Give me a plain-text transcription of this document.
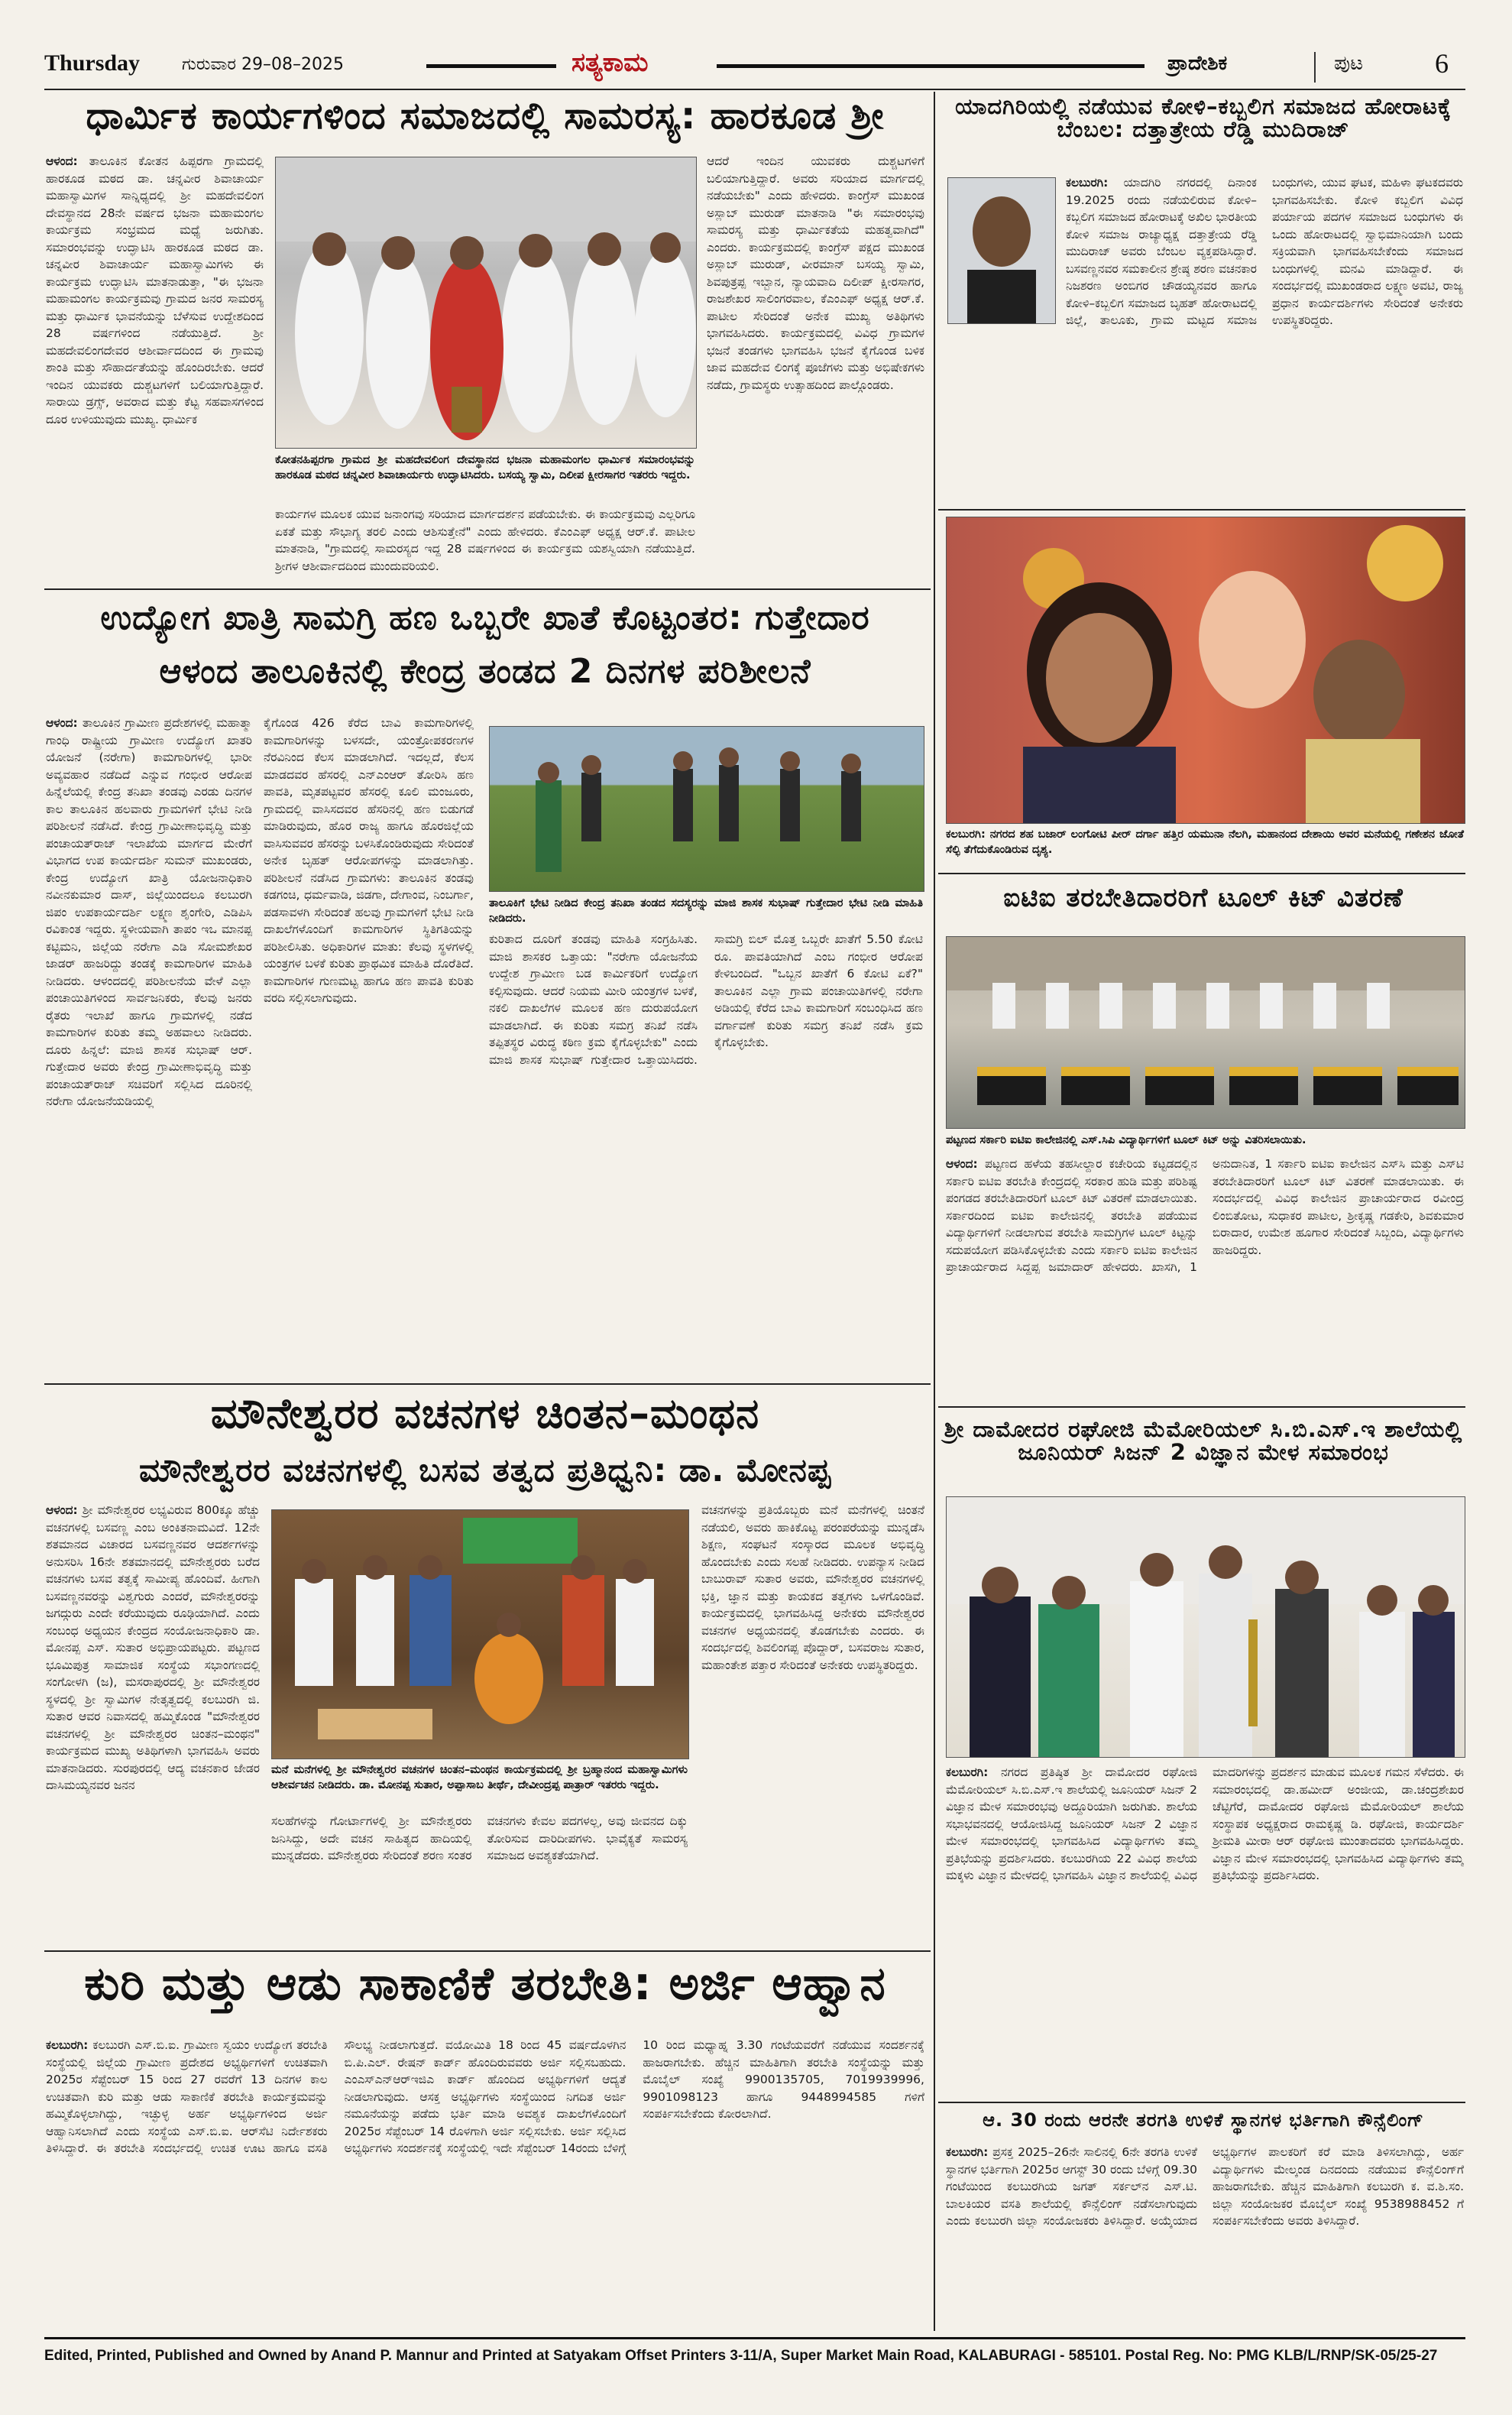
Thursday ಗುರುವಾರ 29–08–2025	ಸತ್ಯಕಾಮ	ಪ್ರಾದೇಶಿಕ	ಪುಟ	6
ಧಾರ್ಮಿಕ ಕಾರ್ಯಗಳಿಂದ ಸಮಾಜದಲ್ಲಿ ಸಾಮರಸ್ಯ: ಹಾರಕೂಡ ಶ್ರೀ
ಆಳಂದ: ತಾಲೂಕಿನ ಕೋತನ ಹಿಪ್ಪರಗಾ ಗ್ರಾಮದಲ್ಲಿ ಹಾರಕೂಡ ಮಠದ ಡಾ. ಚನ್ನವೀರ ಶಿವಾಚಾರ್ಯ ಮಹಾಸ್ವಾಮಿಗಳ ಸಾನ್ನಿಧ್ಯದಲ್ಲಿ ಶ್ರೀ ಮಹದೇವಲಿಂಗ ದೇವಸ್ಥಾನದ 28ನೇ ವರ್ಷದ ಭಜನಾ ಮಹಾಮಂಗಲ ಕಾರ್ಯಕ್ರಮ ಸಂಭ್ರಮದ ಮಧ್ಯೆ ಜರುಗಿತು. ಸಮಾರಂಭವನ್ನು ಉದ್ಘಾಟಿಸಿ ಹಾರಕೂಡ ಮಠದ ಡಾ. ಚನ್ನವೀರ ಶಿವಾಚಾರ್ಯ ಮಹಾಸ್ವಾಮಿಗಳು ಈ ಕಾರ್ಯಕ್ರಮ ಉದ್ಘಾಟಿಸಿ ಮಾತನಾಡುತ್ತಾ, "ಈ ಭಜನಾ ಮಹಾಮಂಗಲ ಕಾರ್ಯಕ್ರಮವು ಗ್ರಾಮದ ಜನರ ಸಾಮರಸ್ಯ ಮತ್ತು ಧಾರ್ಮಿಕ ಭಾವನೆಯನ್ನು ಬೆಳೆಸುವ ಉದ್ದೇಶದಿಂದ 28 ವರ್ಷಗಳಿಂದ ನಡೆಯುತ್ತಿದೆ. ಶ್ರೀ ಮಹದೇವಲಿಂಗದೇವರ ಆಶೀರ್ವಾದದಿಂದ ಈ ಗ್ರಾಮವು ಶಾಂತಿ ಮತ್ತು ಸೌಹಾರ್ದತೆಯನ್ನು ಹೊಂದಿರಬೇಕು. ಆದರೆ ಇಂದಿನ ಯುವಕರು ದುಶ್ಚಟಗಳಿಗೆ ಬಲಿಯಾಗುತ್ತಿದ್ದಾರೆ. ಸಾರಾಯಿ ಡ್ರಗ್ಸ್, ಅವರಾದ ಮತ್ತು ಕೆಟ್ಟ ಸಹವಾಸಗಳಿಂದ ದೂರ ಉಳಿಯುವುದು ಮುಖ್ಯ. ಧಾರ್ಮಿಕ
ಕೋತನಹಿಪ್ಪರಗಾ ಗ್ರಾಮದ ಶ್ರೀ ಮಹದೇವಲಿಂಗ ದೇವಸ್ಥಾನದ ಭಜನಾ ಮಹಾಮಂಗಲ ಧಾರ್ಮಿಕ ಸಮಾರಂಭವನ್ನು ಹಾರಕೂಡ ಮಠದ ಚನ್ನವೀರ ಶಿವಾಚಾರ್ಯರು ಉದ್ಘಾಟಿಸಿದರು. ಬಸಯ್ಯ ಸ್ವಾಮಿ, ದಿಲೀಪ ಕ್ಷೀರಸಾಗರ ಇತರರು ಇದ್ದರು.
ಆದರೆ ಇಂದಿನ ಯುವಕರು ದುಶ್ಚಟಗಳಿಗೆ ಬಲಿಯಾಗುತ್ತಿದ್ದಾರೆ. ಅವರು ಸರಿಯಾದ ಮಾರ್ಗದಲ್ಲಿ ನಡೆಯಬೇಕು" ಎಂದು ಹೇಳಿದರು. ಕಾಂಗ್ರೆಸ್ ಮುಖಂಡ ಅಸ್ಲಾಬ್ ಮುರುಡ್ ಮಾತನಾಡಿ "ಈ ಸಮಾರಂಭವು ಸಾಮರಸ್ಯ ಮತ್ತು ಧಾರ್ಮಿಕತೆಯ ಮಹತ್ವವಾಗಿದೆ" ಎಂದರು. ಕಾರ್ಯಕ್ರಮದಲ್ಲಿ ಕಾಂಗ್ರೆಸ್ ಪಕ್ಷದ ಮುಖಂಡ ಅಸ್ಲಾಬ್ ಮುರುಡ್, ವೀರಮಾನ್ ಬಸಯ್ಯ ಸ್ವಾಮಿ, ಶಿವಪುತ್ರಪ್ಪ ಇಬ್ಬಾನ, ನ್ಯಾಯವಾದಿ ದಿಲೀಪ್ ಕ್ಷೀರಸಾಗರ, ರಾಜಶೇಖರ ಸಾಲಿಂಗರವಾಲ, ಕೆಎಂಎಫ್ ಅಧ್ಯಕ್ಷ ಆರ್.ಕೆ. ಪಾಟೀಲ ಸೇರಿದಂತೆ ಅನೇಕ ಮುಖ್ಯ ಅತಿಥಿಗಳು ಭಾಗವಹಿಸಿದರು. ಕಾರ್ಯಕ್ರಮದಲ್ಲಿ ವಿವಿಧ ಗ್ರಾಮಗಳ ಭಜನೆ ತಂಡಗಳು ಭಾಗವಹಿಸಿ ಭಜನೆ ಕೈಗೊಂಡ ಬಳಿಕ ಜಾವ ಮಹದೇವ ಲಿಂಗಕ್ಕೆ ಪೂಜೆಗಳು ಮತ್ತು ಅಭಿಷೇಕಗಳು ನಡೆದು, ಗ್ರಾಮಸ್ಥರು ಉತ್ಸಾಹದಿಂದ ಪಾಲ್ಗೊಂಡರು.
ಕಾರ್ಯಗಳ ಮೂಲಕ ಯುವ ಜನಾಂಗವು ಸರಿಯಾದ ಮಾರ್ಗದರ್ಶನ ಪಡೆಯಬೇಕು. ಈ ಕಾರ್ಯಕ್ರಮವು ಎಲ್ಲರಿಗೂ ಏಕತೆ ಮತ್ತು ಸೌಭಾಗ್ಯ ತರಲಿ ಎಂದು ಆಶಿಸುತ್ತೇನೆ" ಎಂದು ಹೇಳಿದರು. ಕೆಎಂಎಫ್ ಅಧ್ಯಕ್ಷ ಆರ್.ಕೆ. ಪಾಟೀಲ ಮಾತನಾಡಿ, "ಗ್ರಾಮದಲ್ಲಿ ಸಾಮರಸ್ಯದ ಇದ್ದ 28 ವರ್ಷಗಳಿಂದ ಈ ಕಾರ್ಯಕ್ರಮ ಯಶಸ್ವಿಯಾಗಿ ನಡೆಯುತ್ತಿದೆ. ಶ್ರೀಗಳ ಆಶೀರ್ವಾದದಿಂದ ಮುಂದುವರಿಯಲಿ.
ಉದ್ಯೋಗ ಖಾತ್ರಿ ಸಾಮಗ್ರಿ ಹಣ ಒಬ್ಬರೇ ಖಾತೆ ಕೊಟ್ಟಂತರ: ಗುತ್ತೇದಾರ
ಆಳಂದ ತಾಲೂಕಿನಲ್ಲಿ ಕೇಂದ್ರ ತಂಡದ 2 ದಿನಗಳ ಪರಿಶೀಲನೆ
ಆಳಂದ: ತಾಲೂಕಿನ ಗ್ರಾಮೀಣ ಪ್ರದೇಶಗಳಲ್ಲಿ ಮಹಾತ್ಮಾ ಗಾಂಧಿ ರಾಷ್ಟ್ರೀಯ ಗ್ರಾಮೀಣ ಉದ್ಯೋಗ ಖಾತರಿ ಯೋಜನೆ (ನರೇಗಾ) ಕಾಮಗಾರಿಗಳಲ್ಲಿ ಭಾರೀ ಅವ್ಯವಹಾರ ನಡೆದಿದೆ ಎನ್ನುವ ಗಂಭೀರ ಆರೋಪ ಹಿನ್ನೆಲೆಯಲ್ಲಿ ಕೇಂದ್ರ ತನಿಖಾ ತಂಡವು ಎರಡು ದಿನಗಳ ಕಾಲ ತಾಲೂಕಿನ ಹಲವಾರು ಗ್ರಾಮಗಳಿಗೆ ಭೇಟಿ ನೀಡಿ ಪರಿಶೀಲನೆ ನಡೆಸಿದೆ. ಕೇಂದ್ರ ಗ್ರಾಮೀಣಾಭಿವೃದ್ಧಿ ಮತ್ತು ಪಂಚಾಯತ್‌ರಾಜ್ ಇಲಾಖೆಯ ಮಾರ್ಗದ ಮೇರೆಗೆ ವಿಭಾಗದ ಉಪ ಕಾರ್ಯದರ್ಶಿ ಸುಮನ್ ಮುಖಂಡರು, ಕೇಂದ್ರ ಉದ್ಯೋಗ ಖಾತ್ರಿ ಯೋಜನಾಧಿಕಾರಿ ನವೀನಕುಮಾರ ದಾಸ್, ಜಿಲ್ಲೆಯಿಂದಲೂ ಕಲಬುರಗಿ ಜಿಪಂ ಉಪಕಾರ್ಯದರ್ಶಿ ಲಕ್ಷ್ಮಣ ಶೃಂಗೇರಿ, ಎಡಿಪಿಸಿ ರವಿಕಾಂತ ಇದ್ದರು. ಸ್ಥಳೀಯವಾಗಿ ತಾಪಂ ಇಒ ಮಾನಪ್ಪ ಕಟ್ಟಿಮನಿ, ಜಿಲ್ಲೆಯ ನರೇಗಾ ಎಡಿ ಸೋಮಶೇಖರ ಜಾಡರ್ ಹಾಜರಿದ್ದು ತಂಡಕ್ಕೆ ಕಾಮಗಾರಿಗಳ ಮಾಹಿತಿ ನೀಡಿದರು. ಆಳಂದದಲ್ಲಿ ಪರಿಶೀಲನೆಯ ವೇಳೆ ಎಲ್ಲಾ ಪಂಚಾಯಿತಿಗಳಿಂದ ಸಾರ್ವಜನಿಕರು, ಕೆಲವು ಜನರು ರೈತರು ಇಲಾಖೆ ಹಾಗೂ ಗ್ರಾಮಗಳಲ್ಲಿ ನಡೆದ ಕಾಮಗಾರಿಗಳ ಕುರಿತು ತಮ್ಮ ಅಹವಾಲು ನೀಡಿದರು. ದೂರು ಹಿನ್ನಲೆ: ಮಾಜಿ ಶಾಸಕ ಸುಭಾಷ್ ಆರ್. ಗುತ್ತೇದಾರ ಅವರು ಕೇಂದ್ರ ಗ್ರಾಮೀಣಾಭಿವೃದ್ಧಿ ಮತ್ತು ಪಂಚಾಯತ್‌ರಾಜ್ ಸಚಿವರಿಗೆ ಸಲ್ಲಿಸಿದ ದೂರಿನಲ್ಲಿ ನರೇಗಾ ಯೋಜನೆಯಡಿಯಲ್ಲಿ
ಕೈಗೊಂಡ 426 ಕೆರೆದ ಬಾವಿ ಕಾಮಗಾರಿಗಳಲ್ಲಿ ಕಾಮಗಾರಿಗಳನ್ನು ಬಳಸದೇ, ಯಂತ್ರೋಪಕರಣಗಳ ನೆರವಿನಿಂದ ಕೆಲಸ ಮಾಡಲಾಗಿದೆ. ಇದಲ್ಲದೆ, ಕೆಲಸ ಮಾಡದವರ ಹೆಸರಲ್ಲಿ ಎನ್‌ಎಂಆರ್ ತೋರಿಸಿ ಹಣ ಪಾವತಿ, ಮೃತಪಟ್ಟವರ ಹೆಸರಲ್ಲಿ ಕೂಲಿ ಮಂಜೂರು, ಗ್ರಾಮದಲ್ಲಿ ವಾಸಿಸದವರ ಹೆಸರಿನಲ್ಲಿ ಹಣ ಬಿಡುಗಡೆ ಮಾಡಿರುವುದು, ಹೊರ ರಾಜ್ಯ ಹಾಗೂ ಹೊರಜಿಲ್ಲೆಯ ವಾಸಿಸುವವರ ಹೆಸರನ್ನು ಬಳಸಿಕೊಂಡಿರುವುದು ಸೇರಿದಂತೆ ಅನೇಕ ಬೃಹತ್ ಆರೋಪಗಳನ್ನು ಮಾಡಲಾಗಿತ್ತು. ಪರಿಶೀಲನೆ ನಡೆಸಿದ ಗ್ರಾಮಗಳು: ತಾಲೂಕಿನ ತಂಡವು ಕಡಗಂಚಿ, ಧರ್ಮವಾಡಿ, ಜಿಡಗಾ, ದೇಗಾಂವ, ನಿಂಬರ್ಗಾ, ಪಡಸಾವಳಗಿ ಸೇರಿದಂತೆ ಹಲವು ಗ್ರಾಮಗಳಿಗೆ ಭೇಟಿ ನೀಡಿ ದಾಖಲೆಗಳೊಂದಿಗೆ ಕಾಮಗಾರಿಗಳ ಸ್ಥಿತಿಗತಿಯನ್ನು ಪರಿಶೀಲಿಸಿತು. ಅಧಿಕಾರಿಗಳ ಮಾತು: ಕೆಲವು ಸ್ಥಳಗಳಲ್ಲಿ ಯಂತ್ರಗಳ ಬಳಕೆ ಕುರಿತು ಪ್ರಾಥಮಿಕ ಮಾಹಿತಿ ದೊರೆತಿದೆ. ಕಾಮಗಾರಿಗಳ ಗುಣಮಟ್ಟ ಹಾಗೂ ಹಣ ಪಾವತಿ ಕುರಿತು ವರದಿ ಸಲ್ಲಿಸಲಾಗುವುದು.
ತಾಲೂಕಿಗೆ ಭೇಟಿ ನೀಡಿದ ಕೇಂದ್ರ ತನಿಖಾ ತಂಡದ ಸದಸ್ಯರನ್ನು ಮಾಜಿ ಶಾಸಕ ಸುಭಾಷ್ ಗುತ್ತೇದಾರ ಭೇಟಿ ನೀಡಿ ಮಾಹಿತಿ ನೀಡಿದರು.
ಕುರಿತಾದ ದೂರಿಗೆ ತಂಡವು ಮಾಹಿತಿ ಸಂಗ್ರಹಿಸಿತು. ಮಾಜಿ ಶಾಸಕರ ಒತ್ತಾಯ: "ನರೇಗಾ ಯೋಜನೆಯ ಉದ್ದೇಶ ಗ್ರಾಮೀಣ ಬಡ ಕಾರ್ಮಿಕರಿಗೆ ಉದ್ಯೋಗ ಕಲ್ಪಿಸುವುದು. ಆದರೆ ನಿಯಮ ಮೀರಿ ಯಂತ್ರಗಳ ಬಳಕೆ, ನಕಲಿ ದಾಖಲೆಗಳ ಮೂಲಕ ಹಣ ದುರುಪಯೋಗ ಮಾಡಲಾಗಿದೆ. ಈ ಕುರಿತು ಸಮಗ್ರ ತನಿಖೆ ನಡೆಸಿ ತಪ್ಪಿತಸ್ಥರ ವಿರುದ್ಧ ಕಠಿಣ ಕ್ರಮ ಕೈಗೊಳ್ಳಬೇಕು" ಎಂದು ಮಾಜಿ ಶಾಸಕ ಸುಭಾಷ್ ಗುತ್ತೇದಾರ ಒತ್ತಾಯಿಸಿದರು. ಸಾಮಗ್ರಿ ಬಿಲ್‌ ಮೊತ್ತ ಒಬ್ಬರೇ ಖಾತೆಗೆ 5.50 ಕೋಟಿ ರೂ. ಪಾವತಿಯಾಗಿದೆ ಎಂಬ ಗಂಭೀರ ಆರೋಪ ಕೇಳಿಬಂದಿದೆ. "ಒಬ್ಬನ ಖಾತೆಗೆ 6 ಕೋಟಿ ಏಕೆ?" ತಾಲೂಕಿನ ಎಲ್ಲಾ ಗ್ರಾಮ ಪಂಚಾಯಿತಿಗಳಲ್ಲಿ ನರೇಗಾ ಅಡಿಯಲ್ಲಿ ಕೆರೆದ ಬಾವಿ ಕಾಮಗಾರಿಗೆ ಸಂಬಂಧಿಸಿದ ಹಣ ವರ್ಗಾವಣೆ ಕುರಿತು ಸಮಗ್ರ ತನಿಖೆ ನಡೆಸಿ ಕ್ರಮ ಕೈಗೊಳ್ಳಬೇಕು.
ಮೌನೇಶ್ವರರ ವಚನಗಳ ಚಿಂತನ–ಮಂಥನ
ಮೌನೇಶ್ವರರ ವಚನಗಳಲ್ಲಿ ಬಸವ ತತ್ವದ ಪ್ರತಿಧ್ವನಿ: ಡಾ. ಮೋನಪ್ಪ
ಆಳಂದ: ಶ್ರೀ ಮೌನೇಶ್ವರರ ಲಭ್ಯವಿರುವ 800ಕ್ಕೂ ಹೆಚ್ಚು ವಚನಗಳಲ್ಲಿ ಬಸವಣ್ಣ ಎಂಬ ಅಂಕಿತನಾಮವಿದೆ. 12ನೇ ಶತಮಾನದ ವಿಚಾರದ ಬಸವಣ್ಣನವರ ಆದರ್ಶಗಳನ್ನು ಅನುಸರಿಸಿ 16ನೇ ಶತಮಾನದಲ್ಲಿ ಮೌನೇಶ್ವರರು ಬರೆದ ವಚನಗಳು ಬಸವ ತತ್ವಕ್ಕೆ ಸಾಮೀಪ್ಯ ಹೊಂದಿವೆ. ಹೀಗಾಗಿ ಬಸವಣ್ಣನವರನ್ನು ವಿಶ್ವಗುರು ಎಂದರೆ, ಮೌನೇಶ್ವರರನ್ನು ಜಗದ್ಗುರು ಎಂದೇ ಕರೆಯುವುದು ರೂಢಿಯಾಗಿದೆ. ಎಂದು ಸಂಬಂಧ ಅಧ್ಯಯನ ಕೇಂದ್ರದ ಸಂಯೋಜನಾಧಿಕಾರಿ ಡಾ. ಮೋನಪ್ಪ ಎಸ್. ಸುತಾರ ಅಭಿಪ್ರಾಯಪಟ್ಟರು. ಪಟ್ಟಣದ ಭೂಮಿಪುತ್ರ ಸಾಮಾಜಿಕ ಸಂಸ್ಥೆಯ ಸಭಾಂಗಣದಲ್ಲಿ ಸಂಗೋಳಗಿ (ಜ), ಮಸರಾಪುರದಲ್ಲಿ ಶ್ರೀ ಮೌನೇಶ್ವರರ ಸ್ಥಳದಲ್ಲಿ ಶ್ರೀ ಸ್ವಾಮಿಗಳ ನೇತೃತ್ವದಲ್ಲಿ ಕಲಬುರಗಿ ಜಿ. ಸುತಾರ ಆವರ ನಿವಾಸದಲ್ಲಿ ಹಮ್ಮಿಕೊಂಡ "ಮೌನೇಶ್ವರರ ವಚನಗಳಲ್ಲಿ ಶ್ರೀ ಮೌನೇಶ್ವರರ ಚಿಂತನ–ಮಂಥನ" ಕಾರ್ಯಕ್ರಮದ ಮುಖ್ಯ ಅತಿಥಿಗಳಾಗಿ ಭಾಗವಹಿಸಿ ಅವರು ಮಾತನಾಡಿದರು. ಸುರಪುರದಲ್ಲಿ ಆದ್ಯ ವಚನಕಾರ ಜೇಡರ ದಾಸಿಮಯ್ಯನವರ ಜನನ
ಮನೆ ಮನೆಗಳಲ್ಲಿ ಶ್ರೀ ಮೌನೇಶ್ವರರ ವಚನಗಳ ಚಿಂತನ–ಮಂಥನ ಕಾರ್ಯಕ್ರಮದಲ್ಲಿ ಶ್ರೀ ಬ್ರಹ್ಮಾನಂದ ಮಹಾಸ್ವಾಮಿಗಳು ಆಶೀರ್ವಚನ ನೀಡಿದರು. ಡಾ. ಮೋನಪ್ಪ ಸುತಾರ, ಅಪ್ಪಾಸಾಬ ತೀರ್ಥೆ, ದೇವೀಂದ್ರಪ್ಪ ಪಾತ್ರಾರ್ ಇತರರು ಇದ್ದರು.
ಸಲಹೆಗಳನ್ನು ಗೋರ್ಟಾಗಳಲ್ಲಿ ಶ್ರೀ ಮೌನೇಶ್ವರರು ಜನಿಸಿದ್ದು, ಅದೇ ವಚನ ಸಾಹಿತ್ಯದ ಹಾದಿಯಲ್ಲಿ ಮುನ್ನಡೆದರು. ಮೌನೇಶ್ವರರು ಸೇರಿದಂತೆ ಶರಣ ಸಂತರ ವಚನಗಳು ಕೇವಲ ಪದಗಳಲ್ಲ, ಅವು ಜೀವನದ ದಿಕ್ಕು ತೋರಿಸುವ ದಾರಿದೀಪಗಳು. ಭಾವೈಕ್ಯತೆ ಸಾಮರಸ್ಯ ಸಮಾಜದ ಅವಶ್ಯಕತೆಯಾಗಿದೆ.
ವಚನಗಳನ್ನು ಪ್ರತಿಯೊಬ್ಬರು ಮನೆ ಮನೆಗಳಲ್ಲಿ ಚಿಂತನೆ ನಡೆಯಲಿ, ಅವರು ಹಾಕಿಕೊಟ್ಟ ಪರಂಪರೆಯನ್ನು ಮುನ್ನಡೆಸಿ ಶಿಕ್ಷಣ, ಸಂಘಟನೆ ಸಂಸ್ಕಾರದ ಮೂಲಕ ಅಭಿವೃದ್ಧಿ ಹೊಂದಬೇಕು ಎಂದು ಸಲಹೆ ನೀಡಿದರು. ಉಪನ್ಯಾಸ ನೀಡಿದ ಬಾಬುರಾವ್ ಸುತಾರ ಅವರು, ಮೌನೇಶ್ವರರ ವಚನಗಳಲ್ಲಿ ಭಕ್ತಿ, ಜ್ಞಾನ ಮತ್ತು ಕಾಯಕದ ತತ್ವಗಳು ಒಳಗೊಂಡಿವೆ. ಕಾರ್ಯಕ್ರಮದಲ್ಲಿ ಭಾಗವಹಿಸಿದ್ದ ಅನೇಕರು ಮೌನೇಶ್ವರರ ವಚನಗಳ ಅಧ್ಯಯನದಲ್ಲಿ ತೊಡಗಬೇಕು ಎಂದರು. ಈ ಸಂದರ್ಭದಲ್ಲಿ ಶಿವಲಿಂಗಪ್ಪ ಪೊದ್ದಾರ್, ಬಸವರಾಜ ಸುತಾರ, ಮಹಾಂತೇಶ ಪತ್ತಾರ ಸೇರಿದಂತೆ ಅನೇಕರು ಉಪಸ್ಥಿತರಿದ್ದರು.
ಕುರಿ ಮತ್ತು ಆಡು ಸಾಕಾಣಿಕೆ ತರಬೇತಿ: ಅರ್ಜಿ ಆಹ್ವಾನ
ಕಲಬುರಗಿ: ಕಲಬುರಗಿ ಎಸ್.ಬಿ.ಐ. ಗ್ರಾಮೀಣ ಸ್ವಯಂ ಉದ್ಯೋಗ ತರಬೇತಿ ಸಂಸ್ಥೆಯಲ್ಲಿ ಜಿಲ್ಲೆಯ ಗ್ರಾಮೀಣ ಪ್ರದೇಶದ ಅಭ್ಯರ್ಥಿಗಳಿಗೆ ಉಚಿತವಾಗಿ 2025ರ ಸೆಪ್ಟೆಂಬರ್ 15 ರಿಂದ 27 ರವರೆಗೆ 13 ದಿನಗಳ ಕಾಲ ಉಚಿತವಾಗಿ ಕುರಿ ಮತ್ತು ಆಡು ಸಾಕಾಣಿಕೆ ತರಬೇತಿ ಕಾರ್ಯಕ್ರಮವನ್ನು ಹಮ್ಮಿಕೊಳ್ಳಲಾಗಿದ್ದು, ಇಚ್ಛುಳ್ಳ ಅರ್ಹ ಅಭ್ಯರ್ಥಿಗಳಿಂದ ಅರ್ಜಿ ಆಹ್ವಾನಿಸಲಾಗಿದೆ ಎಂದು ಸಂಸ್ಥೆಯ ಎಸ್.ಬಿ.ಐ. ಆರ್‌ಸೆಟಿ ನಿರ್ದೇಶಕರು ತಿಳಿಸಿದ್ದಾರೆ. ಈ ತರಬೇತಿ ಸಂದರ್ಭದಲ್ಲಿ ಉಚಿತ ಊಟ ಹಾಗೂ ವಸತಿ ಸೌಲಭ್ಯ ನೀಡಲಾಗುತ್ತದೆ. ವಯೋಮಿತಿ 18 ರಿಂದ 45 ವರ್ಷದೊಳಗಿನ ಬಿ.ಪಿ.ಎಲ್. ರೇಷನ್ ಕಾರ್ಡ್ ಹೊಂದಿರುವವರು ಅರ್ಜಿ ಸಲ್ಲಿಸಬಹುದು. ಎಂಎಸ್‌ಎನ್‌ಆರ್‌ಇಜಿಎ ಕಾರ್ಡ್ ಹೊಂದಿದ ಅಭ್ಯರ್ಥಿಗಳಿಗೆ ಆದ್ಯತೆ ನೀಡಲಾಗುವುದು. ಆಸಕ್ತ ಅಭ್ಯರ್ಥಿಗಳು ಸಂಸ್ಥೆಯಿಂದ ನಿಗದಿತ ಅರ್ಜಿ ನಮೂನೆಯನ್ನು ಪಡೆದು ಭರ್ತಿ ಮಾಡಿ ಅವಶ್ಯಕ ದಾಖಲೆಗಳೊಂದಿಗೆ 2025ರ ಸೆಪ್ಟೆಂಬರ್ 14 ರೊಳಗಾಗಿ ಅರ್ಜಿ ಸಲ್ಲಿಸಬೇಕು. ಅರ್ಜಿ ಸಲ್ಲಿಸಿದ ಅಭ್ಯರ್ಥಿಗಳು ಸಂದರ್ಶನಕ್ಕೆ ಸಂಸ್ಥೆಯಲ್ಲಿ ಇದೇ ಸೆಪ್ಟೆಂಬರ್ 14ರಂದು ಬೆಳಿಗ್ಗೆ 10 ರಿಂದ ಮಧ್ಯಾಹ್ನ 3.30 ಗಂಟೆಯವರೆಗೆ ನಡೆಯುವ ಸಂದರ್ಶನಕ್ಕೆ ಹಾಜರಾಗಬೇಕು. ಹೆಚ್ಚಿನ ಮಾಹಿತಿಗಾಗಿ ತರಬೇತಿ ಸಂಸ್ಥೆಯನ್ನು ಮತ್ತು ಮೊಬೈಲ್ ಸಂಖ್ಯೆ 9900135705, 7019939996, 9901098123 ಹಾಗೂ 9448994585 ಗಳಿಗೆ ಸಂಪರ್ಕಿಸಬೇಕೆಂದು ಕೋರಲಾಗಿದೆ.
ಯಾದಗಿರಿಯಲ್ಲಿ ನಡೆಯುವ ಕೋಳಿ–ಕಬ್ಬಲಿಗ ಸಮಾಜದ ಹೋರಾಟಕ್ಕೆ ಬೆಂಬಲ: ದತ್ತಾತ್ರೇಯ ರೆಡ್ಡಿ ಮುದಿರಾಜ್
ಕಲಬುರಗಿ: ಯಾದಗಿರಿ ನಗರದಲ್ಲಿ ದಿನಾಂಕ 19.2025 ರಂದು ನಡೆಯಲಿರುವ ಕೋಳಿ–ಕಬ್ಬಲಿಗ ಸಮಾಜದ ಹೋರಾಟಕ್ಕೆ ಅಖಿಲ ಭಾರತೀಯ ಕೋಳಿ ಸಮಾಜ ರಾಜ್ಯಾಧ್ಯಕ್ಷ ದತ್ತಾತ್ರೇಯ ರೆಡ್ಡಿ ಮುದಿರಾಜ್ ಅವರು ಬೆಂಬಲ ವ್ಯಕ್ತಪಡಿಸಿದ್ದಾರೆ. ಬಸವಣ್ಣನವರ ಸಮಕಾಲೀನ ಶ್ರೇಷ್ಠ ಶರಣ ವಚನಕಾರ ನಿಜಶರಣ ಅಂಬಿಗರ ಚೌಡಯ್ಯನವರ ಹಾಗೂ ಕೋಳಿ–ಕಬ್ಬಲಿಗ ಸಮಾಜದ ಬೃಹತ್ ಹೋರಾಟದಲ್ಲಿ ಜಿಲ್ಲೆ, ತಾಲೂಕು, ಗ್ರಾಮ ಮಟ್ಟದ ಸಮಾಜ ಬಂಧುಗಳು, ಯುವ ಘಟಕ, ಮಹಿಳಾ ಘಟಕದವರು ಭಾಗವಹಿಸಬೇಕು. ಕೋಳಿ ಕಬ್ಬಲಿಗ ವಿವಿಧ ಪರ್ಯಾಯ ಪದಗಳ ಸಮಾಜದ ಬಂಧುಗಳು ಈ ಒಂದು ಹೋರಾಟದಲ್ಲಿ ಸ್ವಾಭಿಮಾನಿಯಾಗಿ ಬಂದು ಸಕ್ರಿಯವಾಗಿ ಭಾಗವಹಿಸಬೇಕೆಂದು ಸಮಾಜದ ಬಂಧುಗಳಲ್ಲಿ ಮನವಿ ಮಾಡಿದ್ದಾರೆ. ಈ ಸಂದರ್ಭದಲ್ಲಿ ಮುಖಂಡರಾದ ಲಕ್ಷ್ಮಣ ಅವಟಿ, ರಾಜ್ಯ ಪ್ರಧಾನ ಕಾರ್ಯದರ್ಶಿಗಳು ಸೇರಿದಂತೆ ಅನೇಕರು ಉಪಸ್ಥಿತರಿದ್ದರು.
ಕಲಬುರಗಿ: ನಗರದ ಶಹ ಬಜಾರ್ ಲಂಗೋಟಿ ಪೀರ್ ದರ್ಗಾ ಹತ್ತಿರ ಯಮುನಾ ನೆಲಗಿ, ಮಹಾನಂದ ದೇಶಾಯಿ ಅವರ ಮನೆಯಲ್ಲಿ ಗಣೇಶನ ಜೋತೆ ಸೆಲ್ಫಿ ತೆಗೆದುಕೊಂಡಿರುವ ದೃಶ್ಯ.
ಐಟಿಐ ತರಬೇತಿದಾರರಿಗೆ ಟೂಲ್ ಕಿಟ್ ವಿತರಣೆ
ಪಟ್ಟಣದ ಸರ್ಕಾರಿ ಐಟಿಐ ಕಾಲೇಜಿನಲ್ಲಿ ಎಸ್.ಸಿಪಿ ವಿದ್ಯಾರ್ಥಿಗಳಿಗೆ ಟೂಲ್ ಕಿಟ್ ಅನ್ನು ವಿತರಿಸಲಾಯಿತು.
ಆಳಂದ: ಪಟ್ಟಣದ ಹಳೆಯ ತಹಸೀಲ್ದಾರ ಕಚೇರಿಯ ಕಟ್ಟಡದಲ್ಲಿನ ಸರ್ಕಾರಿ ಐಟಿಐ ತರಬೇತಿ ಕೇಂದ್ರದಲ್ಲಿ ಸರಕಾರ ಹುಡಿ ಮತ್ತು ಪರಿಶಿಷ್ಟ ಪಂಗಡದ ತರಬೇತಿದಾರರಿಗೆ ಟೂಲ್ ಕಿಟ್ ವಿತರಣೆ ಮಾಡಲಾಯಿತು. ಸರ್ಕಾರದಿಂದ ಐಟಿಐ ಕಾಲೇಜಿನಲ್ಲಿ ತರಬೇತಿ ಪಡೆಯುವ ವಿದ್ಯಾರ್ಥಿಗಳಿಗೆ ನೀಡಲಾಗುವ ತರಬೇತಿ ಸಾಮಗ್ರಿಗಳ ಟೂಲ್ ಕಿಟ್ಟನ್ನು ಸದುಪಯೋಗ ಪಡಿಸಿಕೊಳ್ಳಬೇಕು ಎಂದು ಸರ್ಕಾರಿ ಐಟಿಐ ಕಾಲೇಜಿನ ಪ್ರಾಚಾರ್ಯರಾದ ಸಿದ್ದಪ್ಪ ಜಮಾದಾರ್ ಹೇಳಿದರು. ಖಾಸಗಿ, 1 ಅನುದಾನಿತ, 1 ಸರ್ಕಾರಿ ಐಟಿಐ ಕಾಲೇಜಿನ ಎಸ್‌ಸಿ ಮತ್ತು ಎಸ್‌ಟಿ ತರಬೇತಿದಾರರಿಗೆ ಟೂಲ್ ಕಿಟ್ ವಿತರಣೆ ಮಾಡಲಾಯಿತು. ಈ ಸಂದರ್ಭದಲ್ಲಿ ವಿವಿಧ ಕಾಲೇಜಿನ ಪ್ರಾಚಾರ್ಯರಾದ ರವೀಂದ್ರ ಲಿಂಬಿತೋಟ, ಸುಧಾಕರ ಪಾಟೀಲ, ಶ್ರೀಕೃಷ್ಣ ಗಡಕೇರಿ, ಶಿವಕುಮಾರ ಬಿರಾದಾರ, ಉಮೇಶ ಹೂಗಾರ ಸೇರಿದಂತೆ ಸಿಬ್ಬಂದಿ, ವಿದ್ಯಾರ್ಥಿಗಳು ಹಾಜರಿದ್ದರು.
ಶ್ರೀ ದಾಮೋದರ ರಘೋಜಿ ಮೆಮೋರಿಯಲ್ ಸಿ.ಬಿ.ಎಸ್.ಇ ಶಾಲೆಯಲ್ಲಿ ಜೂನಿಯರ್ ಸಿಜನ್ 2 ವಿಜ್ಞಾನ ಮೇಳ ಸಮಾರಂಭ
ಕಲಬುರಗಿ: ನಗರದ ಪ್ರತಿಷ್ಠಿತ ಶ್ರೀ ದಾಮೋದರ ರಘೋಜಿ ಮೆಮೋರಿಯಲ್ ಸಿ.ಬಿ.ಎಸ್.ಇ ಶಾಲೆಯಲ್ಲಿ ಜೂನಿಯರ್ ಸಿಜನ್ 2 ವಿಜ್ಞಾನ ಮೇಳ ಸಮಾರಂಭವು ಅದ್ದೂರಿಯಾಗಿ ಜರುಗಿತು. ಶಾಲೆಯ ಸಭಾಭವನದಲ್ಲಿ ಆಯೋಜಿಸಿದ್ದ ಜೂನಿಯರ್ ಸಿಜನ್ 2 ವಿಜ್ಞಾನ ಮೇಳ ಸಮಾರಂಭದಲ್ಲಿ ಭಾಗವಹಿಸಿದ ವಿದ್ಯಾರ್ಥಿಗಳು ತಮ್ಮ ಪ್ರತಿಭೆಯನ್ನು ಪ್ರದರ್ಶಿಸಿದರು. ಕಲಬುರಗಿಯ 22 ವಿವಿಧ ಶಾಲೆಯ ಮಕ್ಕಳು ವಿಜ್ಞಾನ ಮೇಳದಲ್ಲಿ ಭಾಗವಹಿಸಿ ವಿಜ್ಞಾನ ಶಾಲೆಯಲ್ಲಿ ವಿವಿಧ ಮಾದರಿಗಳನ್ನು ಪ್ರದರ್ಶನ ಮಾಡುವ ಮೂಲಕ ಗಮನ ಸೆಳೆದರು. ಈ ಸಮಾರಂಭದಲ್ಲಿ ಡಾ.ಹಮೀದ್ ಅಂಜೀಯ, ಡಾ.ಚಂದ್ರಶೇಖರ ಚೆಟ್ಟಿಗೆರೆ, ದಾಮೋದರ ರಘೋಜಿ ಮೆಮೋರಿಯಲ್ ಶಾಲೆಯ ಸಂಸ್ಥಾಪಕ ಅಧ್ಯಕ್ಷರಾದ ರಾಮಕೃಷ್ಣ ಡಿ. ರಘೋಜಿ, ಕಾರ್ಯದರ್ಶಿ ಶ್ರೀಮತಿ ಮೀರಾ ಆರ್ ರಘೋಜಿ ಮುಂತಾದವರು ಭಾಗವಹಿಸಿದ್ದರು. ವಿಜ್ಞಾನ ಮೇಳ ಸಮಾರಂಭದಲ್ಲಿ ಭಾಗವಹಿಸಿದ ವಿದ್ಯಾರ್ಥಿಗಳು ತಮ್ಮ ಪ್ರತಿಭೆಯನ್ನು ಪ್ರದರ್ಶಿಸಿದರು.
ಆ. 30 ರಂದು ಆರನೇ ತರಗತಿ ಉಳಿಕೆ ಸ್ಥಾನಗಳ ಭರ್ತಿಗಾಗಿ ಕೌನ್ಸೆಲಿಂಗ್
ಕಲಬುರಗಿ: ಪ್ರಸಕ್ತ 2025–26ನೇ ಸಾಲಿನಲ್ಲಿ 6ನೇ ತರಗತಿ ಉಳಿಕೆ ಸ್ಥಾನಗಳ ಭರ್ತಿಗಾಗಿ 2025ರ ಆಗಸ್ಟ್ 30 ರಂದು ಬೆಳಿಗ್ಗೆ 09.30 ಗಂಟೆಯಿಂದ ಕಲಬುರಗಿಯ ಜಗತ್ ಸರ್ಕಲ್‌ನ ಎಸ್.ಟಿ. ಬಾಲಕಿಯರ ವಸತಿ ಶಾಲೆಯಲ್ಲಿ ಕೌನ್ಸೆಲಿಂಗ್ ನಡೆಸಲಾಗುವುದು ಎಂದು ಕಲಬುರಗಿ ಜಿಲ್ಲಾ ಸಂಯೋಜಕರು ತಿಳಿಸಿದ್ದಾರೆ. ಅಯ್ಕೆಯಾದ ಅಭ್ಯರ್ಥಿಗಳ ಪಾಲಕರಿಗೆ ಕರೆ ಮಾಡಿ ತಿಳಿಸಲಾಗಿದ್ದು, ಅರ್ಹ ವಿದ್ಯಾರ್ಥಿಗಳು ಮೇಲ್ಕಂಡ ದಿನದಂದು ನಡೆಯುವ ಕೌನ್ಸೆಲಿಂಗ್‌ಗೆ ಹಾಜರಾಗಬೇಕು. ಹೆಚ್ಚಿನ ಮಾಹಿತಿಗಾಗಿ ಕಲಬುರಗಿ ಕ. ವ.ಶಿ.ಸಂ. ಜಿಲ್ಲಾ ಸಂಯೋಜಕರ ಮೊಬೈಲ್ ಸಂಖ್ಯೆ 9538988452 ಗೆ ಸಂಪರ್ಕಿಸಬೇಕೆಂದು ಅವರು ತಿಳಿಸಿದ್ದಾರೆ.
Edited, Printed, Published and Owned by Anand P. Mannur and Printed at Satyakam Offset Printers 3-11/A, Super Market Main Road, KALABURAGI - 585101. Postal Reg. No: PMG KLB/L/RNP/SK-05/25-27
